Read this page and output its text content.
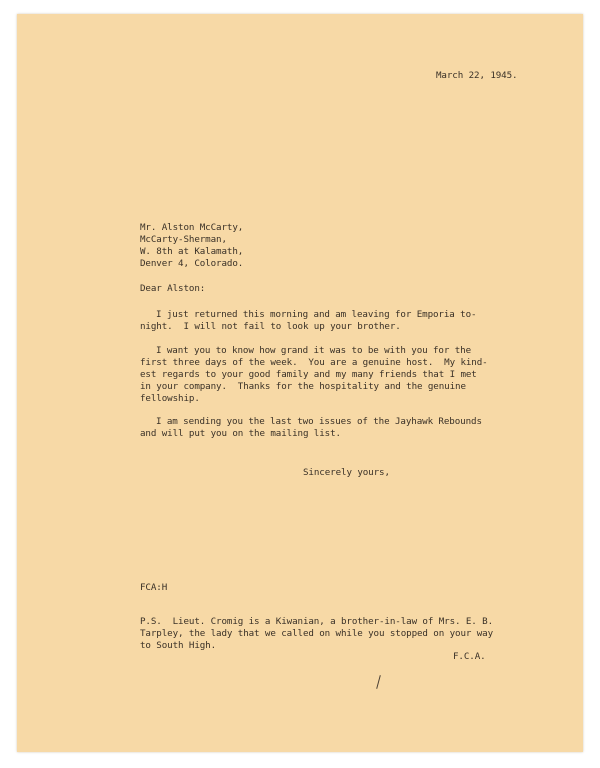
March 22, 1945.
Mr. Alston McCarty,
McCarty-Sherman,
W. 8th at Kalamath,
Denver 4, Colorado.
Dear Alston:
I just returned this morning and am leaving for Emporia to-
night.  I will not fail to look up your brother.
I want you to know how grand it was to be with you for the
first three days of the week.  You are a genuine host.  My kind-
est regards to your good family and my many friends that I met
in your company.  Thanks for the hospitality and the genuine
fellowship.
I am sending you the last two issues of the Jayhawk Rebounds
and will put you on the mailing list.
Sincerely yours,
FCA:H
P.S.  Lieut. Cromig is a Kiwanian, a brother-in-law of Mrs. E. B.
Tarpley, the lady that we called on while you stopped on your way
to South High.
F.C.A.
